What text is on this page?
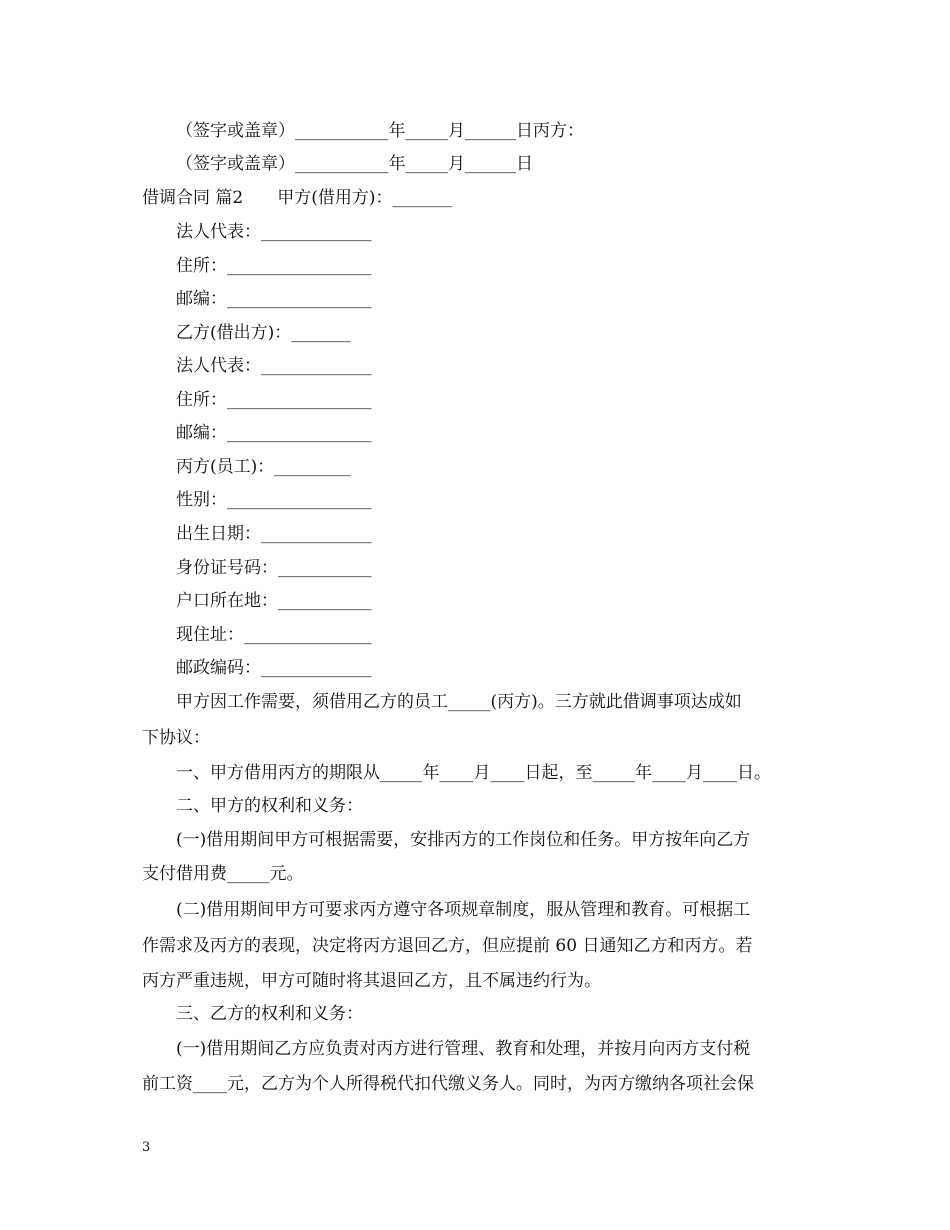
（签字或盖章）___________年_____月______日丙方：

（签字或盖章）___________年_____月______日

借调合同 篇2　　甲方(借用方)：_______

法人代表：_____________

住所：_________________

邮编：_________________

乙方(借出方)：_______

法人代表：_____________

住所：_________________

邮编：_________________

丙方(员工)：_________

性别：_________________

出生日期：_____________

身份证号码：___________

户口所在地：___________

现住址：_______________

邮政编码：_____________

甲方因工作需要，须借用乙方的员工_____(丙方)。三方就此借调事项达成如

下协议：

一、甲方借用丙方的期限从_____年____月____日起，至_____年____月____日。

二、甲方的权利和义务：

(一)借用期间甲方可根据需要，安排丙方的工作岗位和任务。甲方按年向乙方

支付借用费_____元。

(二)借用期间甲方可要求丙方遵守各项规章制度，服从管理和教育。可根据工

作需求及丙方的表现，决定将丙方退回乙方，但应提前 60 日通知乙方和丙方。若

丙方严重违规，甲方可随时将其退回乙方，且不属违约行为。

三、乙方的权利和义务：

(一)借用期间乙方应负责对丙方进行管理、教育和处理，并按月向丙方支付税

前工资____元，乙方为个人所得税代扣代缴义务人。同时，为丙方缴纳各项社会保

3
